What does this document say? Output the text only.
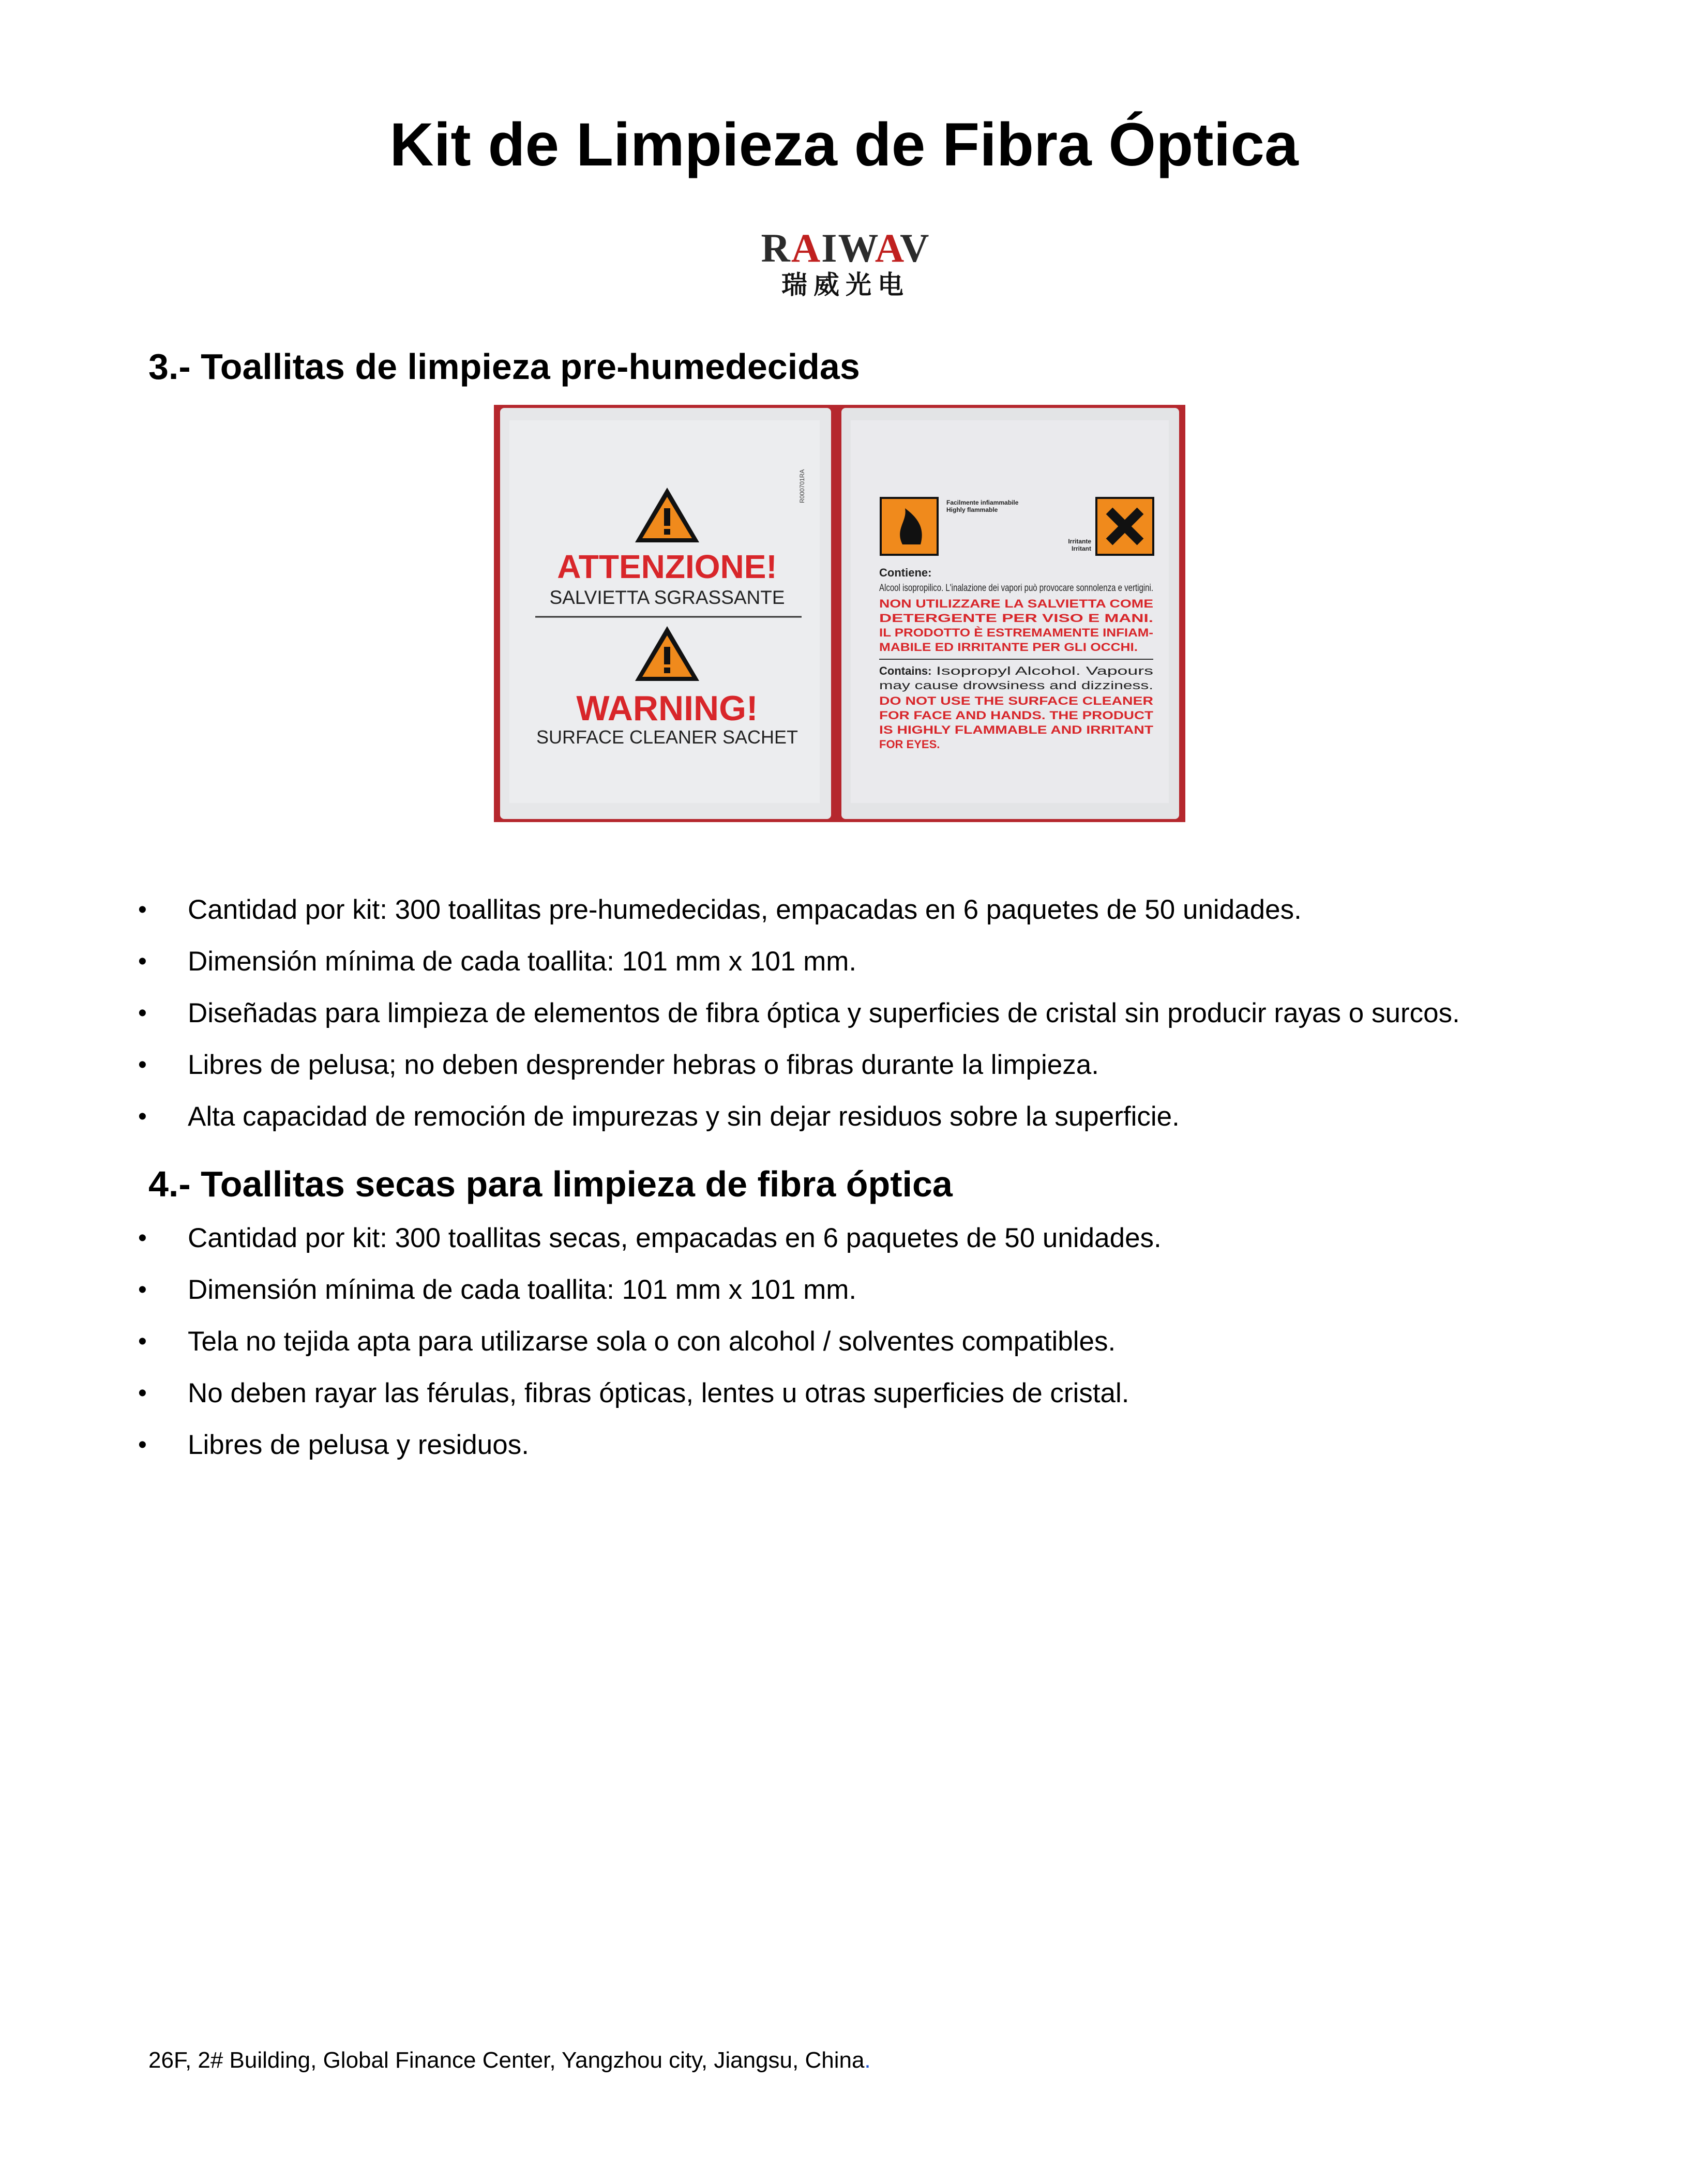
Kit de Limpieza de Fibra Óptica
RAIWAV
瑞威光电
3.- Toallitas de limpieza pre-humedecidas
ATTENZIONE!
SALVIETTA SGRASSANTE
WARNING!
SURFACE CLEANER SACHET
R000701RA	Facilmente infiammabile
Highly flammable
Irritante
Irritant
Contiene:
Alcool isopropilico. L'inalazione dei vapori può provocare sonnolenza e vertigini.
NON UTILIZZARE LA SALVIETTA COME
DETERGENTE PER VISO E MANI.
IL PRODOTTO È ESTREMAMENTE INFIAM-
MABILE ED IRRITANTE PER GLI OCCHI.
Contains: Isopropyl Alcohol. Vapours
may cause drowsiness and dizziness.
DO NOT USE THE SURFACE CLEANER
FOR FACE AND HANDS. THE PRODUCT
IS HIGHLY FLAMMABLE AND IRRITANT
FOR EYES.
• Cantidad por kit: 300 toallitas pre-humedecidas, empacadas en 6 paquetes de 50 unidades.
• Dimensión mínima de cada toallita: 101 mm x 101 mm.
• Diseñadas para limpieza de elementos de fibra óptica y superficies de cristal sin producir rayas o surcos.
• Libres de pelusa; no deben desprender hebras o fibras durante la limpieza.
• Alta capacidad de remoción de impurezas y sin dejar residuos sobre la superficie.
4.- Toallitas secas para limpieza de fibra óptica
• Cantidad por kit: 300 toallitas secas, empacadas en 6 paquetes de 50 unidades.
• Dimensión mínima de cada toallita: 101 mm x 101 mm.
• Tela no tejida apta para utilizarse sola o con alcohol / solventes compatibles.
• No deben rayar las férulas, fibras ópticas, lentes u otras superficies de cristal.
• Libres de pelusa y residuos.
26F, 2# Building, Global Finance Center, Yangzhou city, Jiangsu, China.
